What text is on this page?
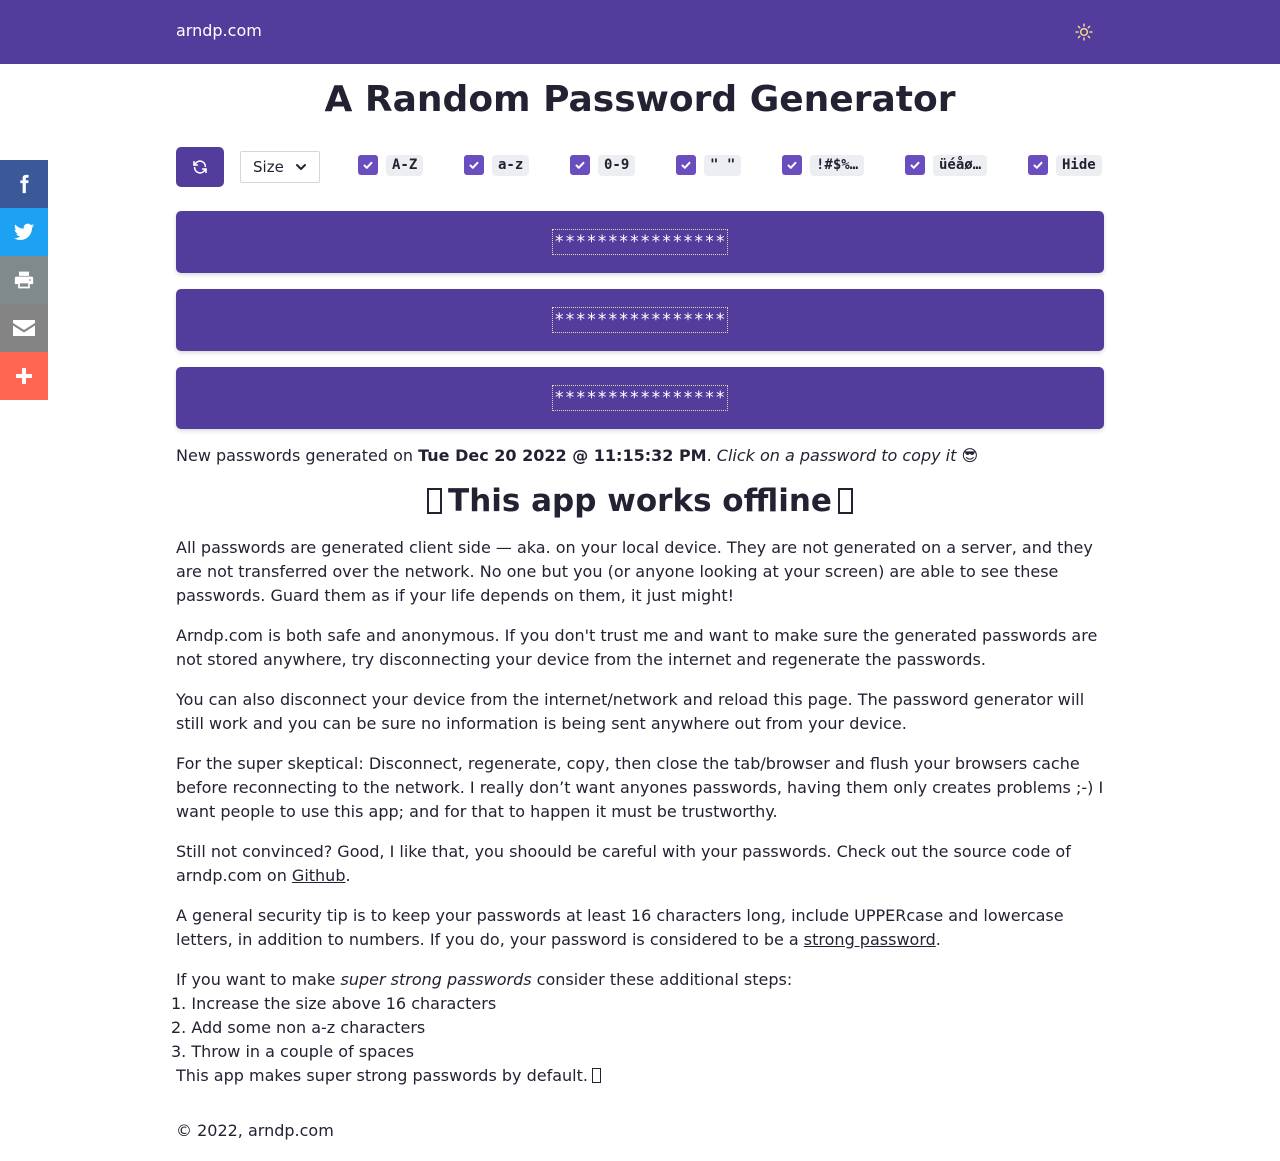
arndp.com
A Random Password Generator
Size	A-Z	a-z	0-9	" "	!#$%…	üéåø…	Hide
****************
****************
****************
New passwords generated on Tue Dec 20 2022 @ 11:15:32 PM. Click on a password to copy it 😎
This app works offline

All passwords are generated client side — aka. on your local device. They are not generated on a server, and they are not transferred over the network. No one but you (or anyone looking at your screen) are able to see these passwords. Guard them as if your life depends on them, it just might!

Arndp.com is both safe and anonymous. If you don't trust me and want to make sure the generated passwords are not stored anywhere, try disconnecting your device from the internet and regenerate the passwords.

You can also disconnect your device from the internet/network and reload this page. The password generator will still work and you can be sure no information is being sent anywhere out from your device.

For the super skeptical: Disconnect, regenerate, copy, then close the tab/browser and flush your browsers cache before reconnecting to the network. I really don’t want anyones passwords, having them only creates problems ;-) I want people to use this app; and for that to happen it must be trustworthy.

Still not convinced? Good, I like that, you shoould be careful with your passwords. Check out the source code of arndp.com on Github.

A general security tip is to keep your passwords at least 16 characters long, include UPPERcase and lowercase letters, in addition to numbers. If you do, your password is considered to be a strong password.

If you want to make super strong passwords consider these additional steps:
1. Increase the size above 16 characters
2. Add some non a-z characters
3. Throw in a couple of spaces
This app makes super strong passwords by default.
© 2022, arndp.com
